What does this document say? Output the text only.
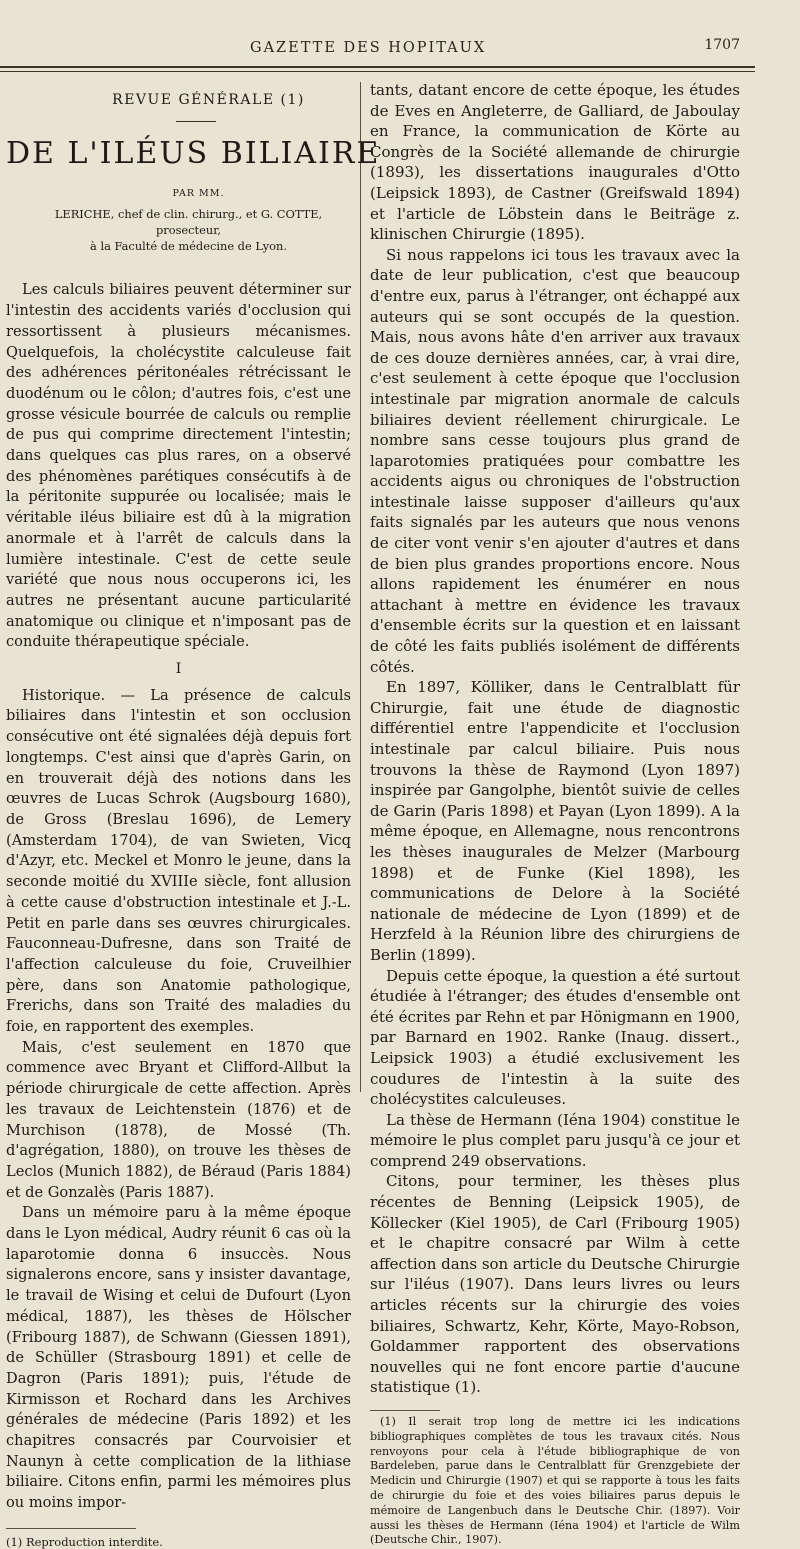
GAZETTE DES HOPITAUX	1707
REVUE GÉNÉRALE (1)
DE L'ILÉUS BILIAIRE
PAR MM.
LERICHE, chef de clin. chirurg., et G. COTTE, prosecteur,
à la Faculté de médecine de Lyon.

Les calculs biliaires peuvent déterminer sur l'intestin des accidents variés d'occlusion qui ressortissent à plusieurs mécanismes. Quelquefois, la cholécystite calculeuse fait des adhérences péritonéales rétrécissant le duodénum ou le côlon; d'autres fois, c'est une grosse vésicule bourrée de calculs ou remplie de pus qui comprime directement l'intestin; dans quelques cas plus rares, on a observé des phénomènes parétiques consécutifs à de la péritonite suppurée ou localisée; mais le véritable iléus biliaire est dû à la migration anormale et à l'arrêt de calculs dans la lumière intestinale. C'est de cette seule variété que nous nous occuperons ici, les autres ne présentant aucune particularité anatomique ou clinique et n'imposant pas de conduite thérapeutique spéciale.

I

Historique. — La présence de calculs biliaires dans l'intestin et son occlusion consécutive ont été signalées déjà depuis fort longtemps. C'est ainsi que d'après Garin, on en trouverait déjà des notions dans les œuvres de Lucas Schrok (Augsbourg 1680), de Gross (Breslau 1696), de Lemery (Amsterdam 1704), de van Swieten, Vicq d'Azyr, etc. Meckel et Monro le jeune, dans la seconde moitié du XVIIIe siècle, font allusion à cette cause d'obstruction intestinale et J.-L. Petit en parle dans ses œuvres chirurgicales. Fauconneau-Dufresne, dans son Traité de l'affection calculeuse du foie, Cruveilhier père, dans son Anatomie pathologique, Frerichs, dans son Traité des maladies du foie, en rapportent des exemples.

Mais, c'est seulement en 1870 que commence avec Bryant et Clifford-Allbut la période chirurgicale de cette affection. Après les travaux de Leichtenstein (1876) et de Murchison (1878), de Mossé (Th. d'agrégation, 1880), on trouve les thèses de Leclos (Munich 1882), de Béraud (Paris 1884) et de Gonzalès (Paris 1887).

Dans un mémoire paru à la même époque dans le Lyon médical, Audry réunit 6 cas où la laparotomie donna 6 insuccès. Nous signalerons encore, sans y insister davantage, le travail de Wising et celui de Dufourt (Lyon médical, 1887), les thèses de Hölscher (Fribourg 1887), de Schwann (Giessen 1891), de Schüller (Strasbourg 1891) et celle de Dagron (Paris 1891); puis, l'étude de Kirmisson et Rochard dans les Archives générales de médecine (Paris 1892) et les chapitres consacrés par Courvoisier et Naunyn à cette complication de la lithiase biliaire. Citons enfin, parmi les mémoires plus ou moins impor-

(1) Reproduction interdite.

tants, datant encore de cette époque, les études de Eves en Angleterre, de Galliard, de Jaboulay en France, la communication de Körte au Congrès de la Société allemande de chirurgie (1893), les dissertations inaugurales d'Otto (Leipsick 1893), de Castner (Greifswald 1894) et l'article de Löbstein dans le Beiträge z. klinischen Chirurgie (1895).

Si nous rappelons ici tous les travaux avec la date de leur publication, c'est que beaucoup d'entre eux, parus à l'étranger, ont échappé aux auteurs qui se sont occupés de la question. Mais, nous avons hâte d'en arriver aux travaux de ces douze dernières années, car, à vrai dire, c'est seulement à cette époque que l'occlusion intestinale par migration anormale de calculs biliaires devient réellement chirurgicale. Le nombre sans cesse toujours plus grand de laparotomies pratiquées pour combattre les accidents aigus ou chroniques de l'obstruction intestinale laisse supposer d'ailleurs qu'aux faits signalés par les auteurs que nous venons de citer vont venir s'en ajouter d'autres et dans de bien plus grandes proportions encore. Nous allons rapidement les énumérer en nous attachant à mettre en évidence les travaux d'ensemble écrits sur la question et en laissant de côté les faits publiés isolément de différents côtés.

En 1897, Kölliker, dans le Centralblatt für Chirurgie, fait une étude de diagnostic différentiel entre l'appendicite et l'occlusion intestinale par calcul biliaire. Puis nous trouvons la thèse de Raymond (Lyon 1897) inspirée par Gangolphe, bientôt suivie de celles de Garin (Paris 1898) et Payan (Lyon 1899). A la même époque, en Allemagne, nous rencontrons les thèses inaugurales de Melzer (Marbourg 1898) et de Funke (Kiel 1898), les communications de Delore à la Société nationale de médecine de Lyon (1899) et de Herzfeld à la Réunion libre des chirurgiens de Berlin (1899).

Depuis cette époque, la question a été surtout étudiée à l'étranger; des études d'ensemble ont été écrites par Rehn et par Hönigmann en 1900, par Barnard en 1902. Ranke (Inaug. dissert., Leipsick 1903) a étudié exclusivement les coudures de l'intestin à la suite des cholécystites calculeuses.

La thèse de Hermann (Iéna 1904) constitue le mémoire le plus complet paru jusqu'à ce jour et comprend 249 observations.

Citons, pour terminer, les thèses plus récentes de Benning (Leipsick 1905), de Köllecker (Kiel 1905), de Carl (Fribourg 1905) et le chapitre consacré par Wilm à cette affection dans son article du Deutsche Chirurgie sur l'iléus (1907). Dans leurs livres ou leurs articles récents sur la chirurgie des voies biliaires, Schwartz, Kehr, Körte, Mayo-Robson, Goldammer rapportent des observations nouvelles qui ne font encore partie d'aucune statistique (1).

(1) Il serait trop long de mettre ici les indications bibliographiques complètes de tous les travaux cités. Nous renvoyons pour cela à l'étude bibliographique de von Bardeleben, parue dans le Centralblatt für Grenzgebiete der Medicin und Chirurgie (1907) et qui se rapporte à tous les faits de chirurgie du foie et des voies biliaires parus depuis le mémoire de Langenbuch dans le Deutsche Chir. (1897). Voir aussi les thèses de Hermann (Iéna 1904) et l'article de Wilm (Deutsche Chir., 1907).
